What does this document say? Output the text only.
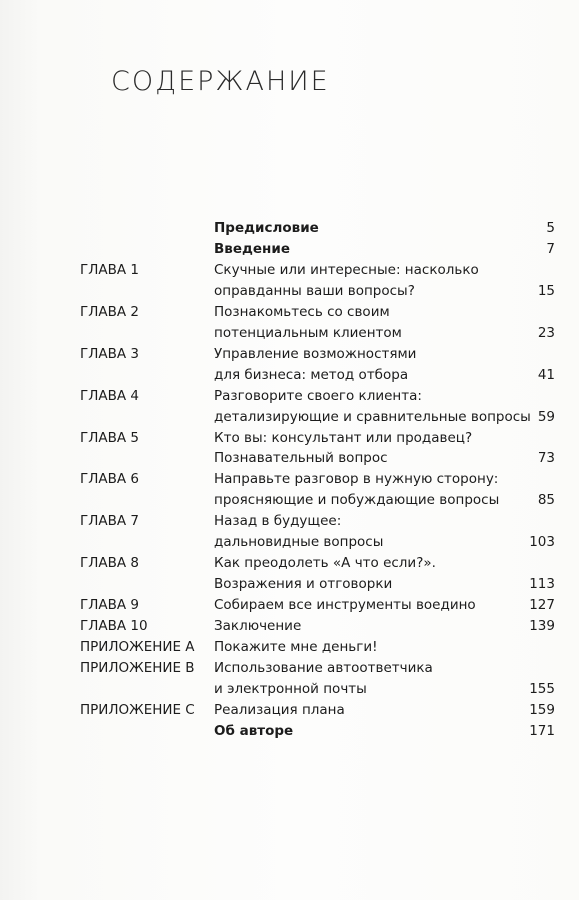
СОДЕРЖАНИЕ
Предисловие	5
Введение	7
ГЛАВА 1	Скучные или интересные: насколько
оправданны ваши вопросы?	15
ГЛАВА 2	Познакомьтесь со своим
потенциальным клиентом	23
ГЛАВА 3	Управление возможностями
для бизнеса: метод отбора	41
ГЛАВА 4	Разговорите своего клиента:
детализирующие и сравнительные вопросы 59
ГЛАВА 5	Кто вы: консультант или продавец?
Познавательный вопрос	73
ГЛАВА 6	Направьте разговор в нужную сторону:
проясняющие и побуждающие вопросы	85
ГЛАВА 7	Назад в будущее:
дальновидные вопросы	103
ГЛАВА 8	Как преодолеть «А что если?».
Возражения и отговорки	113
ГЛАВА 9	Собираем все инструменты воедино	127
ГЛАВА 10	Заключение	139
ПРИЛОЖЕНИЕ А Покажите мне деньги!
ПРИЛОЖЕНИЕ В Использование автоответчика
и электронной почты	155
ПРИЛОЖЕНИЕ С Реализация плана	159
Об авторе	171
